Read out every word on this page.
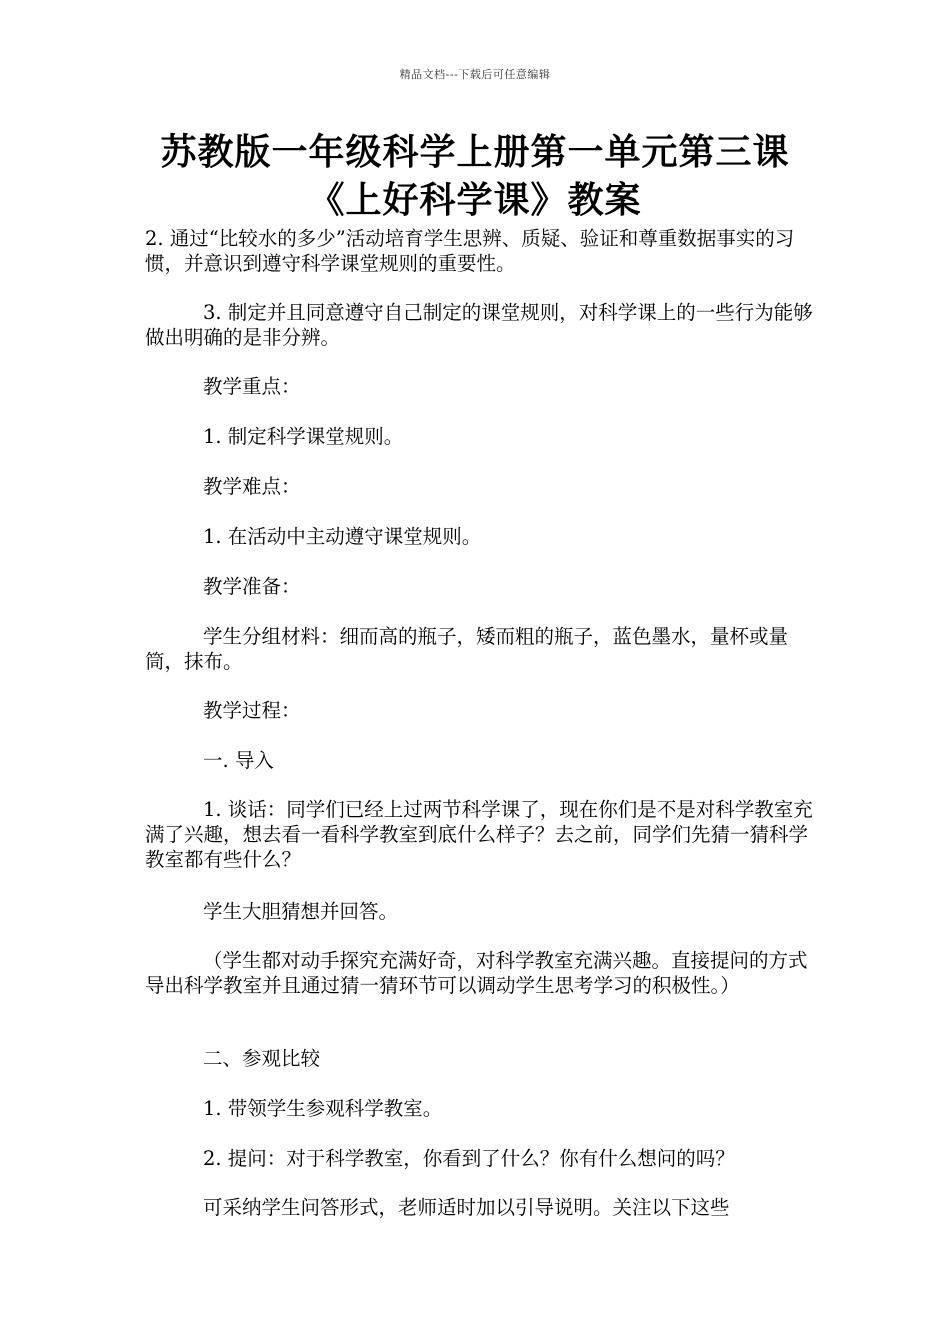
精品文档---下载后可任意编辑
苏教版一年级科学上册第一单元第三课
《上好科学课》教案

2. 通过“比较水的多少”活动培育学生思辨、质疑、验证和尊重数据事实的习惯，并意识到遵守科学课堂规则的重要性。

3. 制定并且同意遵守自己制定的课堂规则，对科学课上的一些行为能够做出明确的是非分辨。

教学重点：

1. 制定科学课堂规则。

教学难点：

1. 在活动中主动遵守课堂规则。

教学准备：

学生分组材料：细而高的瓶子，矮而粗的瓶子，蓝色墨水，量杯或量筒，抹布。

教学过程：

一. 导入

1. 谈话：同学们已经上过两节科学课了，现在你们是不是对科学教室充满了兴趣，想去看一看科学教室到底什么样子？去之前，同学们先猜一猜科学教室都有些什么？

学生大胆猜想并回答。

（学生都对动手探究充满好奇，对科学教室充满兴趣。直接提问的方式导出科学教室并且通过猜一猜环节可以调动学生思考学习的积极性。）

二、参观比较

1. 带领学生参观科学教室。

2. 提问：对于科学教室，你看到了什么？你有什么想问的吗？

可采纳学生问答形式，老师适时加以引导说明。关注以下这些
